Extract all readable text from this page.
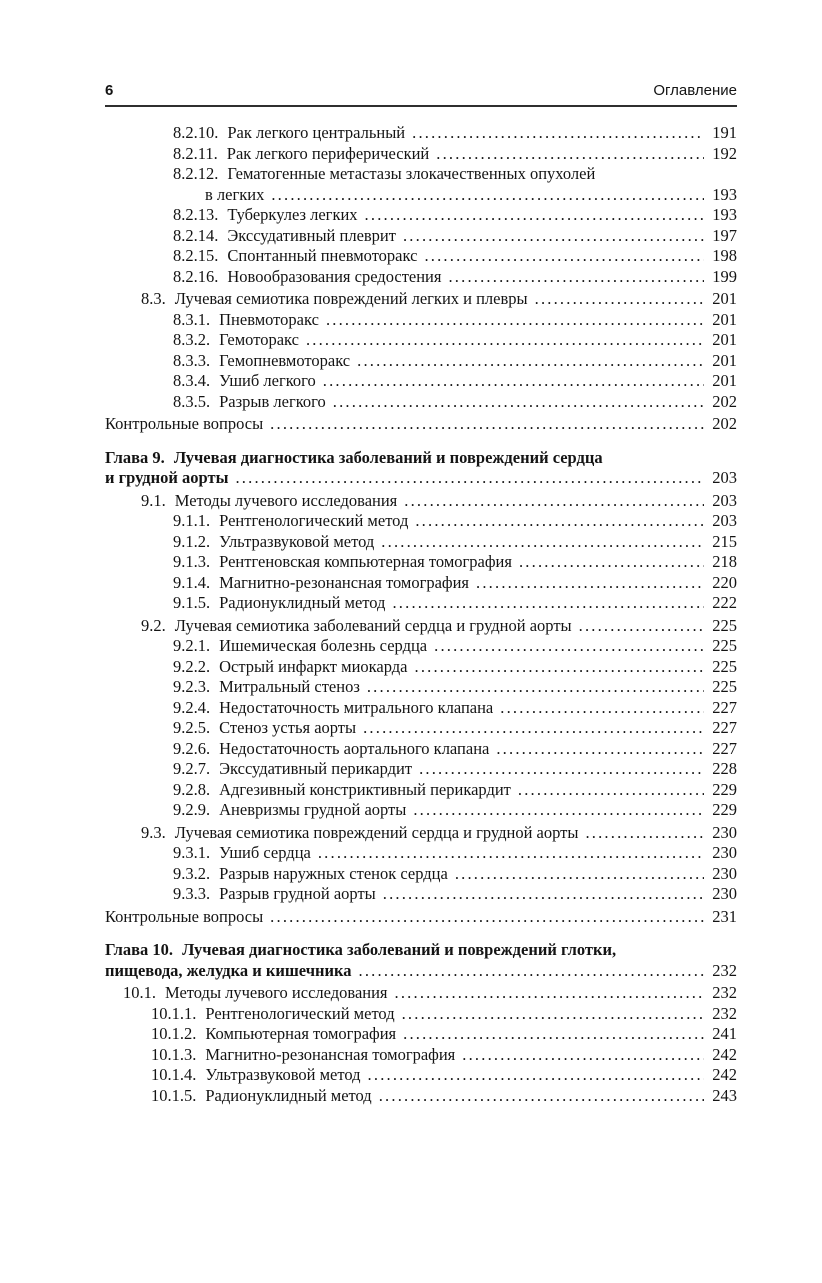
6	Оглавление
8.2.10. Рак легкого центральный .....	191
8.2.11. Рак легкого периферический .....	192
8.2.12. Гематогенные метастазы злокачественных опухолей
в легких .....	193
8.2.13. Туберкулез легких .....	193
8.2.14. Экссудативный плеврит .....	197
8.2.15. Спонтанный пневмоторакс .....	198
8.2.16. Новообразования средостения .....	199
8.3. Лучевая семиотика повреждений легких и плевры .....	201
8.3.1. Пневмоторакс .....	201
8.3.2. Гемоторакс .....	201
8.3.3. Гемопневмоторакс .....	201
8.3.4. Ушиб легкого .....	201
8.3.5. Разрыв легкого .....	202
Контрольные вопросы .....	202
Глава 9. Лучевая диагностика заболеваний и повреждений сердца
и грудной аорты .....	203
9.1. Методы лучевого исследования .....	203
9.1.1. Рентгенологический метод .....	203
9.1.2. Ультразвуковой метод .....	215
9.1.3. Рентгеновская компьютерная томография .....	218
9.1.4. Магнитно-резонансная томография .....	220
9.1.5. Радионуклидный метод .....	222
9.2. Лучевая семиотика заболеваний сердца и грудной аорты .....	225
9.2.1. Ишемическая болезнь сердца .....	225
9.2.2. Острый инфаркт миокарда .....	225
9.2.3. Митральный стеноз .....	225
9.2.4. Недостаточность митрального клапана .....	227
9.2.5. Стеноз устья аорты .....	227
9.2.6. Недостаточность аортального клапана .....	227
9.2.7. Экссудативный перикардит .....	228
9.2.8. Адгезивный констриктивный перикардит .....	229
9.2.9. Аневризмы грудной аорты .....	229
9.3. Лучевая семиотика повреждений сердца и грудной аорты .....	230
9.3.1. Ушиб сердца .....	230
9.3.2. Разрыв наружных стенок сердца .....	230
9.3.3. Разрыв грудной аорты .....	230
Контрольные вопросы .....	231
Глава 10. Лучевая диагностика заболеваний и повреждений глотки,
пищевода, желудка и кишечника .....	232
10.1. Методы лучевого исследования .....	232
10.1.1. Рентгенологический метод .....	232
10.1.2. Компьютерная томография .....	241
10.1.3. Магнитно-резонансная томография .....	242
10.1.4. Ультразвуковой метод .....	242
10.1.5. Радионуклидный метод .....	243
